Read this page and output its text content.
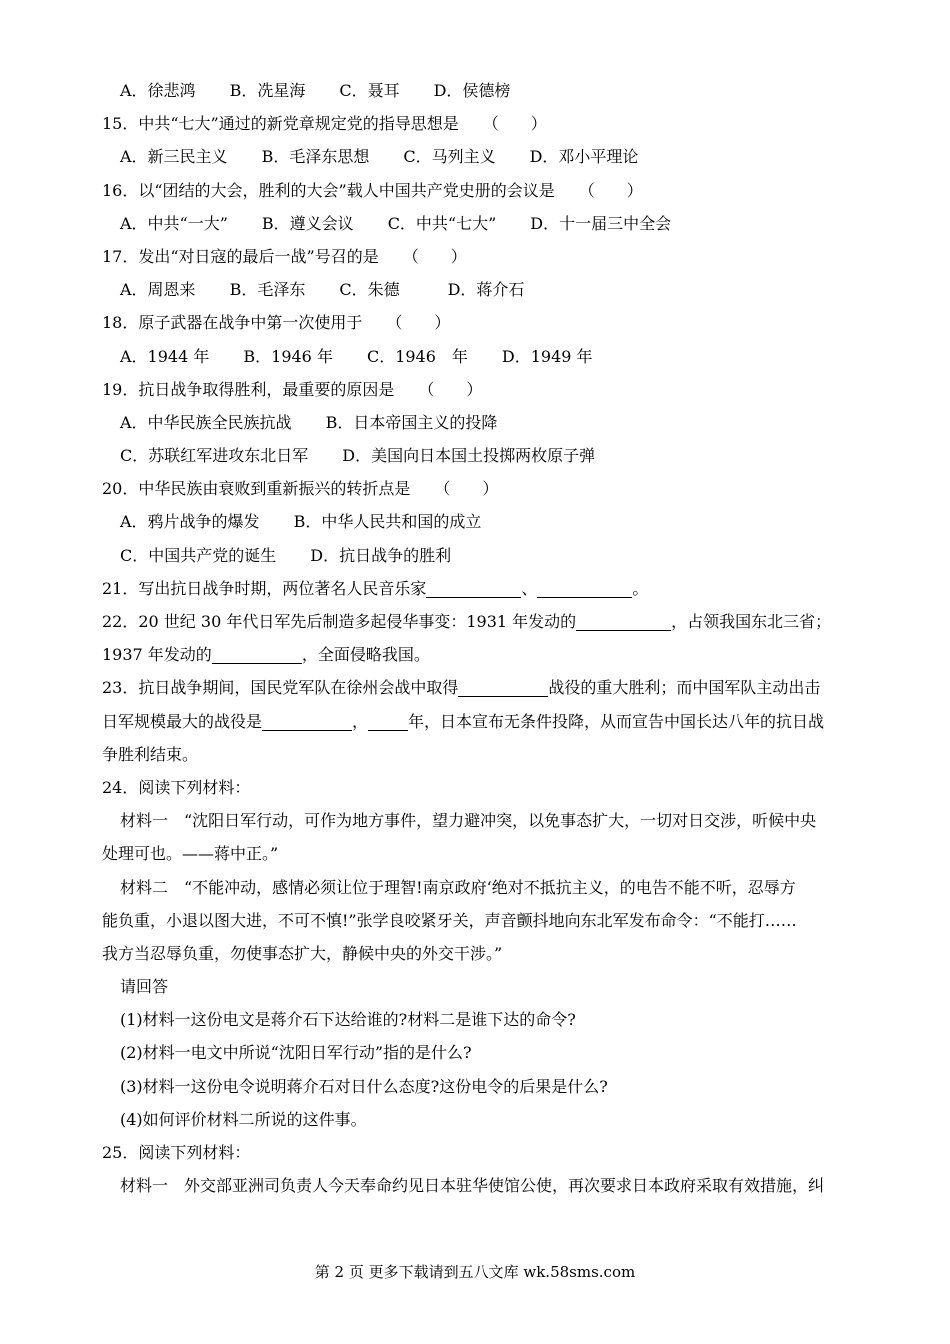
A．徐悲鸿 B．冼星海 C．聂耳 D．侯德榜
15．中共“七大”通过的新党章规定党的指导思想是　　（　　）
A．新三民主义 B．毛泽东思想 C．马列主义 D．邓小平理论
16．以“团结的大会，胜利的大会”载人中国共产党史册的会议是　　（　　）
A．中共“一大” B．遵义会议 C．中共“七大” D．十一届三中全会
17．发出“对日寇的最后一战”号召的是　　（　　）
A．周恩来 B．毛泽东 C．朱德	D．蒋介石
18．原子武器在战争中第一次使用于　　（　　）
A．1944 年 B．1946 年 C．1946　年 D．1949 年
19．抗日战争取得胜利，最重要的原因是　　（　　）
A．中华民族全民族抗战 B．日本帝国主义的投降
C．苏联红军进攻东北日军 D．美国向日本国土投掷两枚原子弹
20．中华民族由衰败到重新振兴的转折点是　　（　　）
A．鸦片战争的爆发 B．中华人民共和国的成立
C．中国共产党的诞生 D．抗日战争的胜利
21．写出抗日战争时期，两位著名人民音乐家	、	。
22．20 世纪 30 年代日军先后制造多起侵华事变：1931 年发动的	，占领我国东北三省；
1937 年发动的	，全面侵略我国。
23．抗日战争期间，国民党军队在徐州会战中取得	战役的重大胜利；而中国军队主动出击
日军规模最大的战役是	，	年，日本宣布无条件投降，从而宣告中国长达八年的抗日战
争胜利结束。
24．阅读下列材料：
材料一　“沈阳日军行动，可作为地方事件，望力避冲突，以免事态扩大，一切对日交涉，听候中央
处理可也。——蒋中正。”
材料二　“不能冲动，感情必须让位于理智!南京政府‘绝对不抵抗主义，的电告不能不听，忍辱方
能负重，小退以图大进，不可不慎!”张学良咬紧牙关，声音颤抖地向东北军发布命令：“不能打……
我方当忍辱负重，勿使事态扩大，静候中央的外交干涉。”
请回答
(1)材料一这份电文是蒋介石下达给谁的?材料二是谁下达的命令?
(2)材料一电文中所说“沈阳日军行动”指的是什么?
(3)材料一这份电令说明蒋介石对日什么态度?这份电令的后果是什么?
(4)如何评价材料二所说的这件事。
25．阅读下列材料：
材料一　外交部亚洲司负责人今天奉命约见日本驻华使馆公使，再次要求日本政府采取有效措施，纠
第 2 页 更多下载请到五八文库 wk.58sms.com
